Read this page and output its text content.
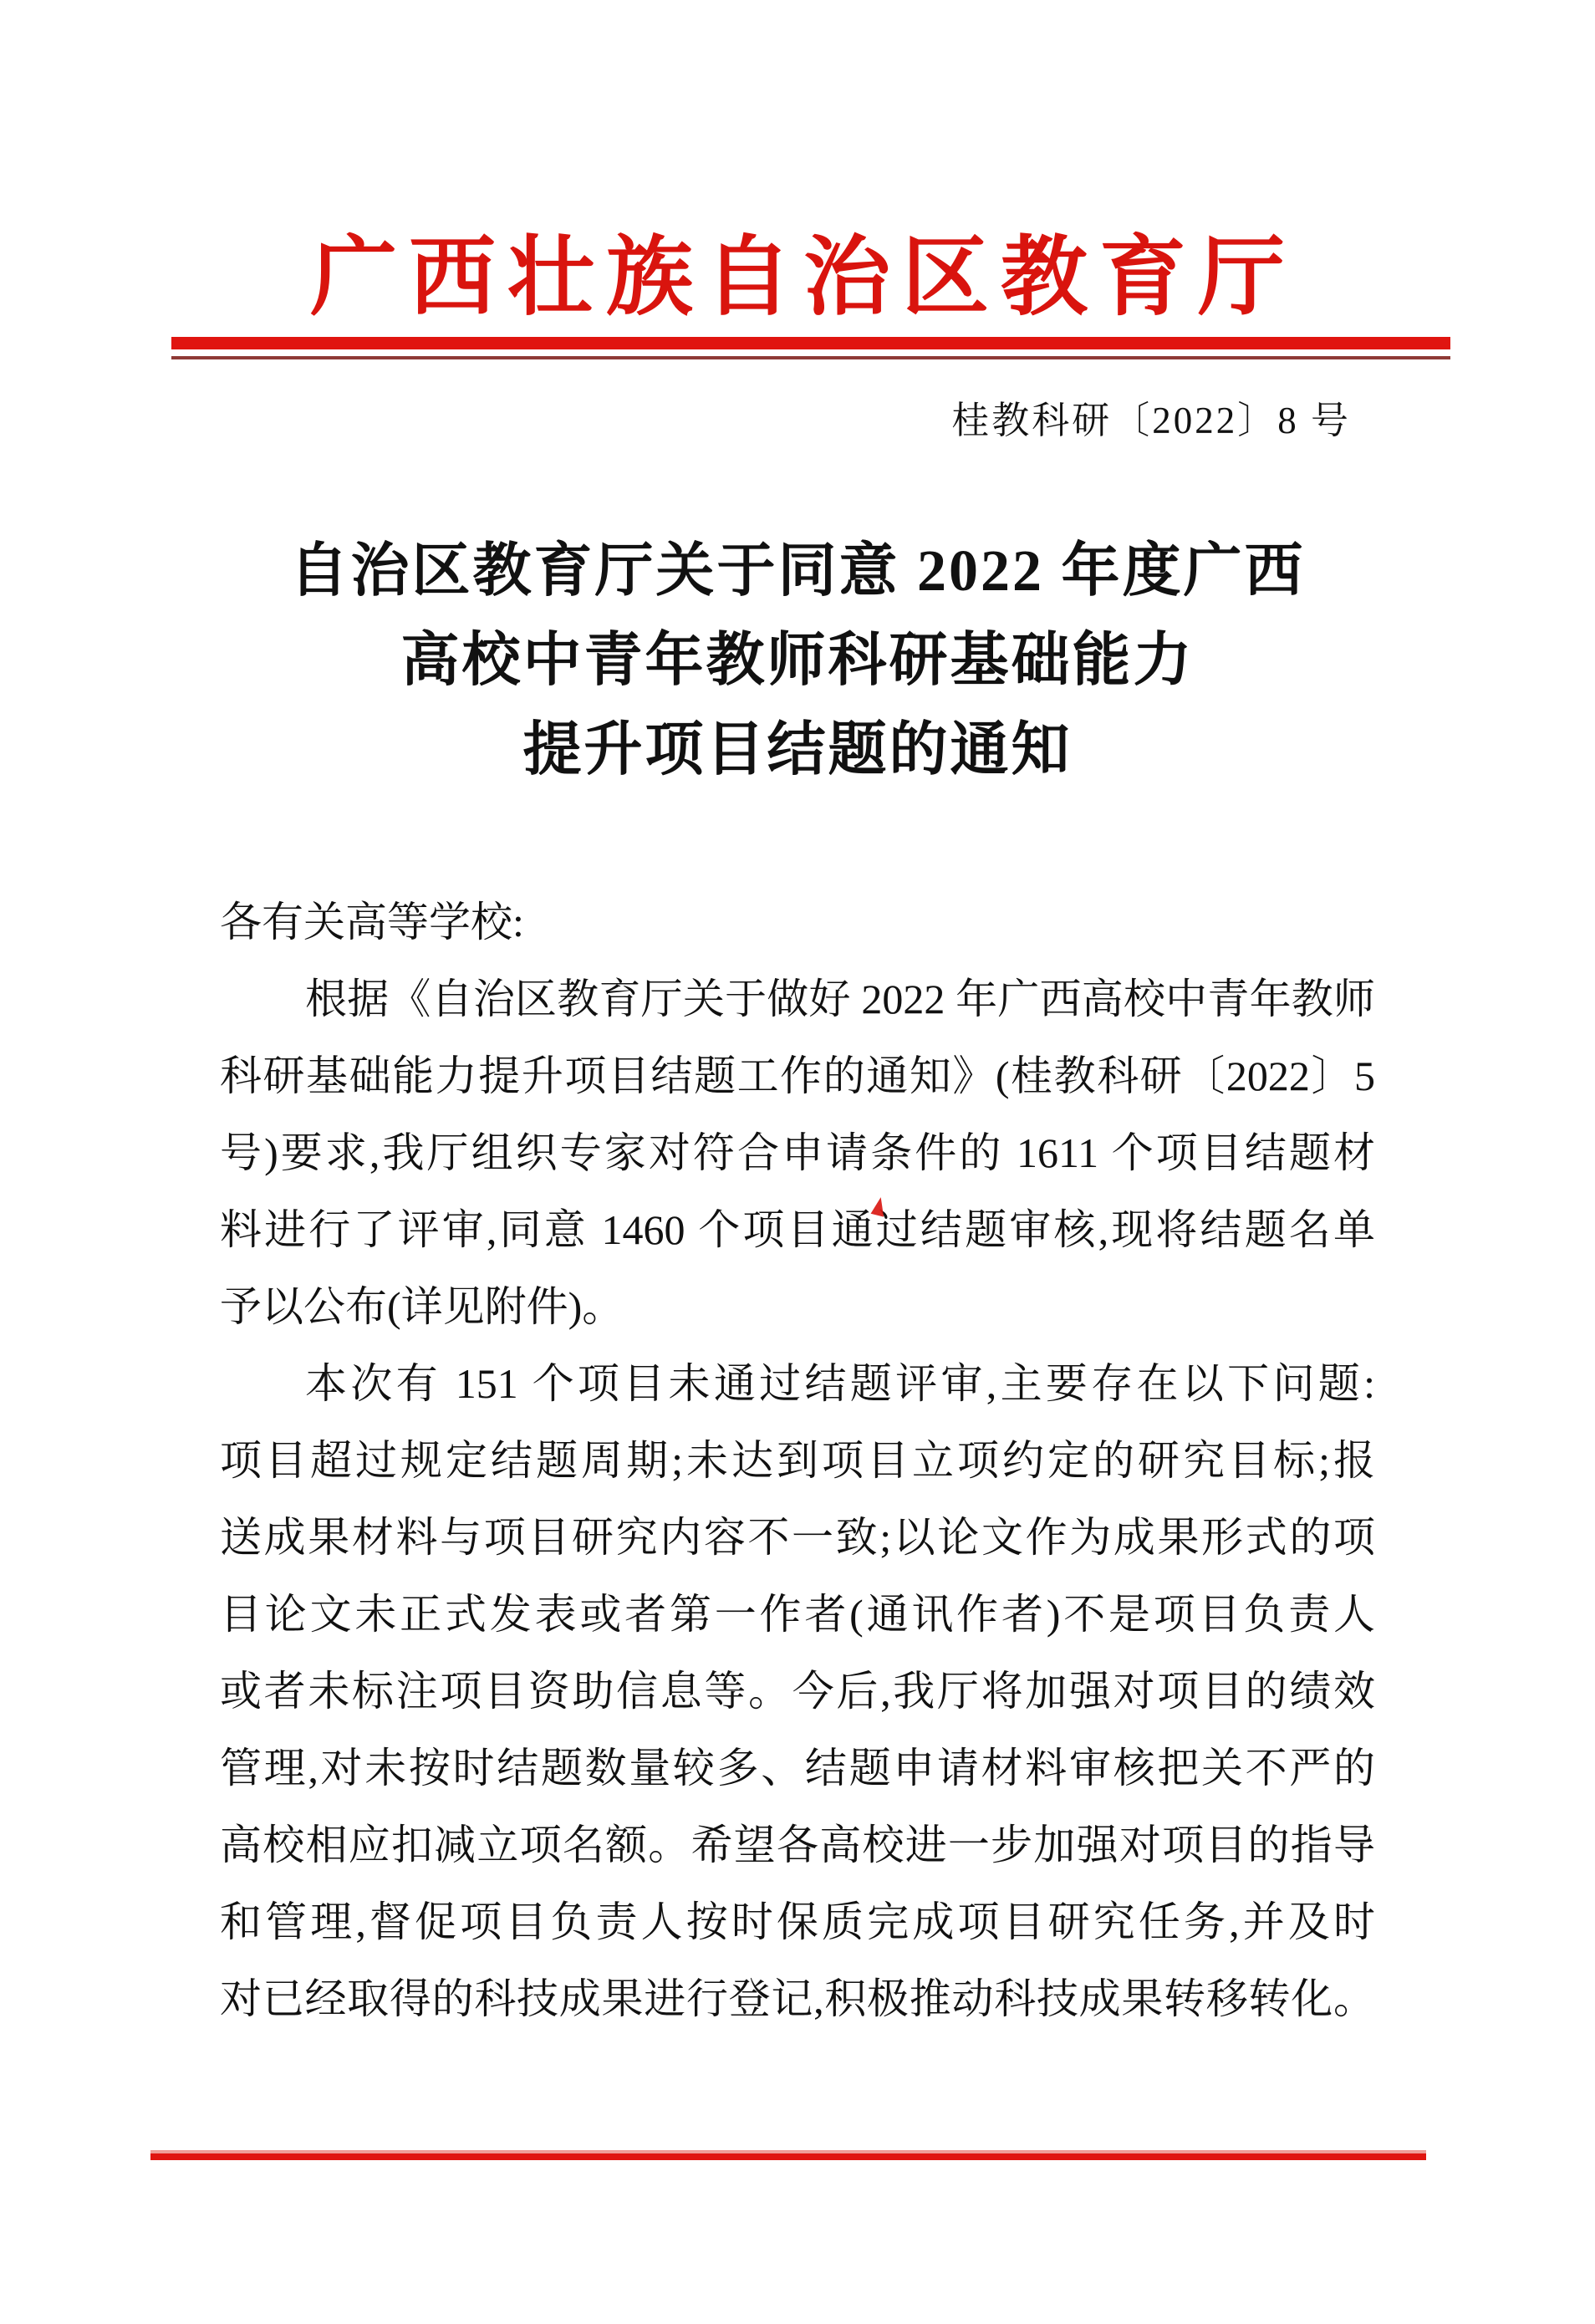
广西壮族自治区教育厅
桂教科研〔2022〕8 号
自治区教育厅关于同意 2022 年度广西
高校中青年教师科研基础能力
提升项目结题的通知
各有关高等学校:
根据《自治区教育厅关于做好 2022 年广西高校中青年教师
科研基础能力提升项目结题工作的通知》(桂教科研〔2022〕5
号)要求,我厅组织专家对符合申请条件的 1611 个项目结题材
料进行了评审,同意 1460 个项目通过结题审核,现将结题名单
予以公布(详见附件)。
本次有 151 个项目未通过结题评审,主要存在以下问题:
项目超过规定结题周期;未达到项目立项约定的研究目标;报
送成果材料与项目研究内容不一致;以论文作为成果形式的项
目论文未正式发表或者第一作者(通讯作者)不是项目负责人
或者未标注项目资助信息等。今后,我厅将加强对项目的绩效
管理,对未按时结题数量较多、结题申请材料审核把关不严的
高校相应扣减立项名额。希望各高校进一步加强对项目的指导
和管理,督促项目负责人按时保质完成项目研究任务,并及时
对已经取得的科技成果进行登记,积极推动科技成果转移转化。
